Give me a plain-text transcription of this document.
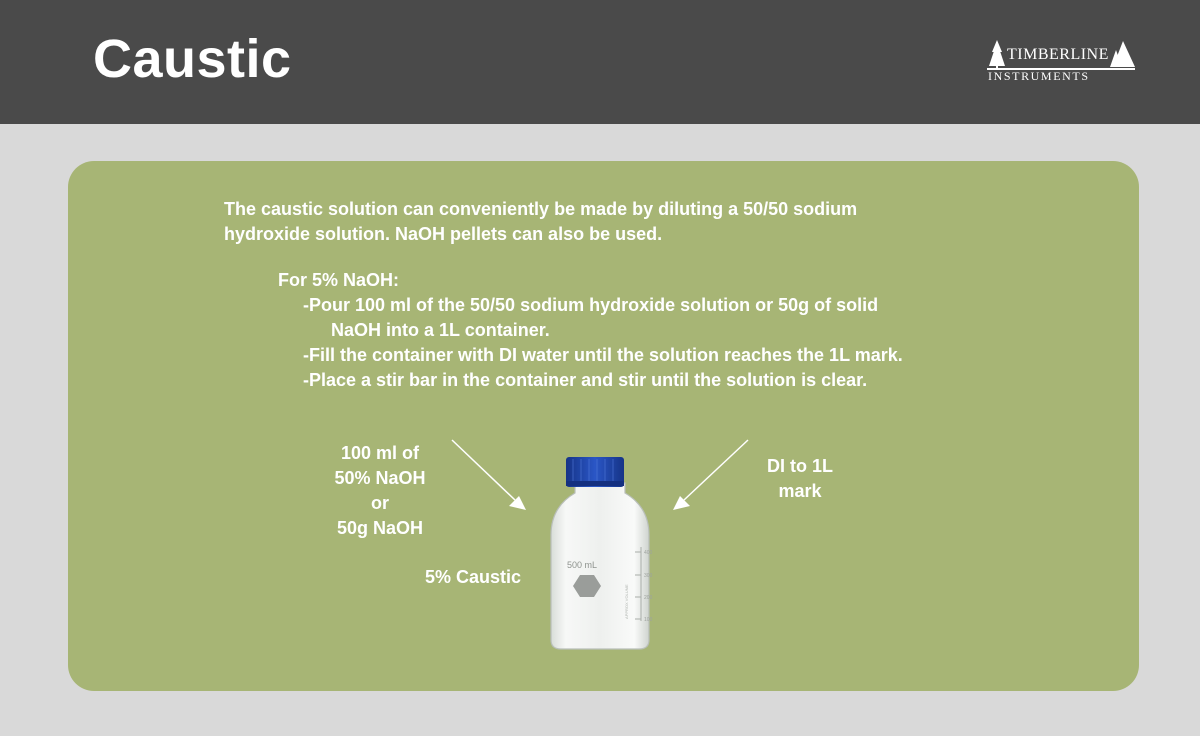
Caustic	TIMBERLINE
INSTRUMENTS
The caustic solution can conveniently be made by diluting a 50/50 sodium
hydroxide solution. NaOH pellets can also be used.
For 5% NaOH:
-Pour 100 ml of the 50/50 sodium hydroxide solution or 50g of solid
NaOH into a 1L container.
-Fill the container with DI water until the solution reaches the 1L mark.
-Place a stir bar in the container and stir until the solution is clear.
100 ml of
50% NaOH
or
50g NaOH
DI to 1L
mark
5% Caustic
500 mL
400
300
200
100
APPROX VOLUME
